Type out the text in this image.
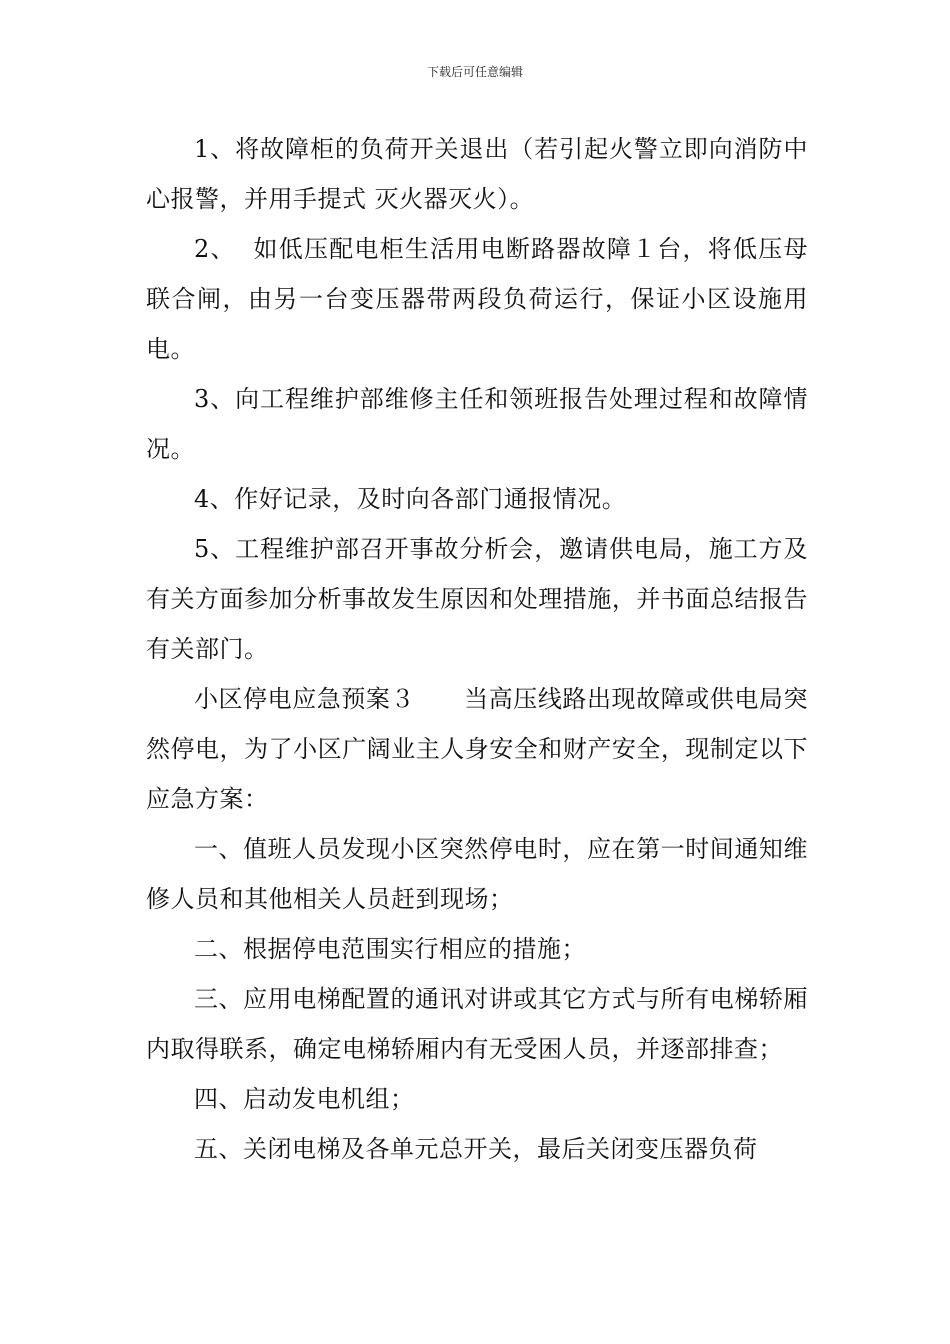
下载后可任意编辑

1、将故障柜的负荷开关退出（若引起火警立即向消防中心报警，并用手提式 灭火器灭火）。

2、  如低压配电柜生活用电断路器故障１台，将低压母联合闸，由另一台变压器带两段负荷运行，保证小区设施用电。

3、向工程维护部维修主任和领班报告处理过程和故障情况。

4、作好记录，及时向各部门通报情况。

5、工程维护部召开事故分析会，邀请供电局，施工方及有关方面参加分析事故发生原因和处理措施，并书面总结报告有关部门。

小区停电应急预案３　　当高压线路出现故障或供电局突然停电，为了小区广阔业主人身安全和财产安全，现制定以下应急方案：

一、值班人员发现小区突然停电时，应在第一时间通知维修人员和其他相关人员赶到现场；

二、根据停电范围实行相应的措施；

三、应用电梯配置的通讯对讲或其它方式与所有电梯轿厢内取得联系，确定电梯轿厢内有无受困人员，并逐部排查；

四、启动发电机组；

五、关闭电梯及各单元总开关，最后关闭变压器负荷
